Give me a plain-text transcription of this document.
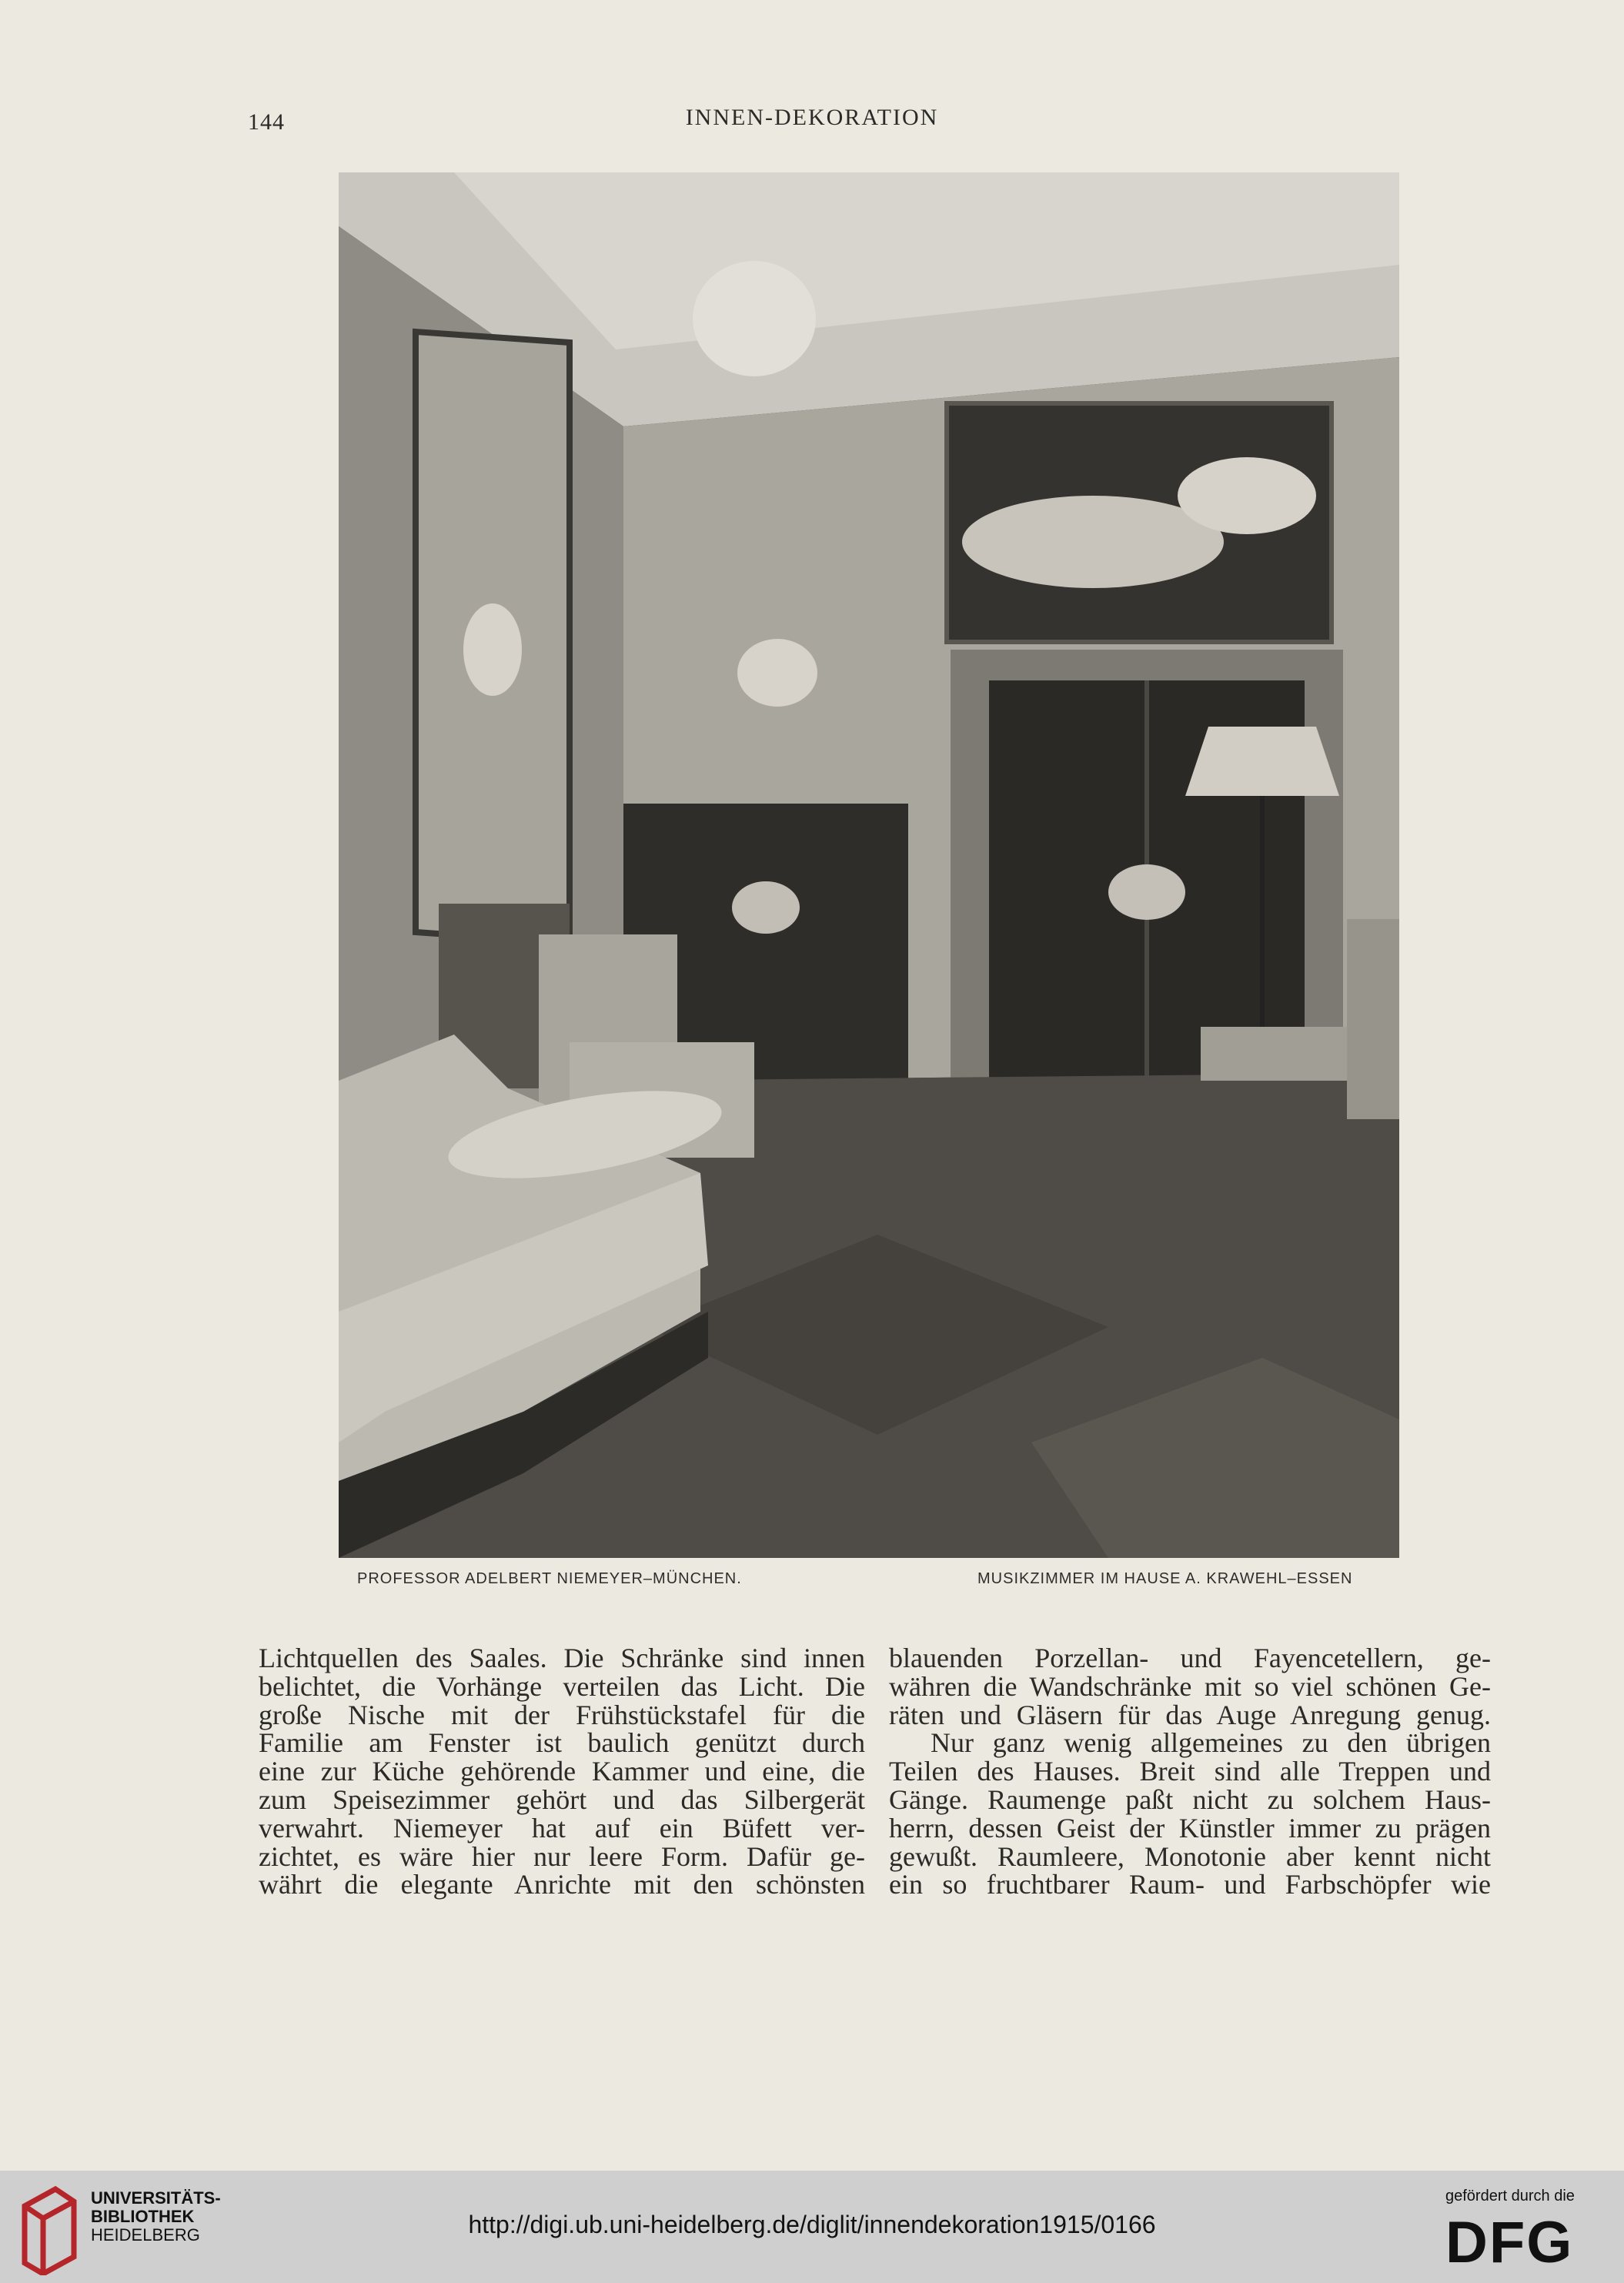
144	INNEN-DEKORATION
PROFESSOR ADELBERT NIEMEYER–MÜNCHEN.	MUSIKZIMMER IM HAUSE A. KRAWEHL–ESSEN

Lichtquellen des Saales. Die Schränke sind innen

belichtet, die Vorhänge verteilen das Licht. Die

große Nische mit der Frühstückstafel für die

Familie am Fenster ist baulich genützt durch

eine zur Küche gehörende Kammer und eine, die

zum Speisezimmer gehört und das Silbergerät

verwahrt. Niemeyer hat auf ein Büfett ver-

zichtet, es wäre hier nur leere Form. Dafür ge-

währt die elegante Anrichte mit den schönsten

blauenden Porzellan- und Fayencetellern, ge-

währen die Wandschränke mit so viel schönen Ge-

räten und Gläsern für das Auge Anregung genug.

Nur ganz wenig allgemeines zu den übrigen

Teilen des Hauses. Breit sind alle Treppen und

Gänge. Raumenge paßt nicht zu solchem Haus-

herrn, dessen Geist der Künstler immer zu prägen

gewußt. Raumleere, Monotonie aber kennt nicht

ein so fruchtbarer Raum- und Farbschöpfer wie

UNIVERSITÄTS-
BIBLIOTHEK
HEIDELBERG	http://digi.ub.uni-heidelberg.de/diglit/innendekoration1915/0166
gefördert durch die
DFG
